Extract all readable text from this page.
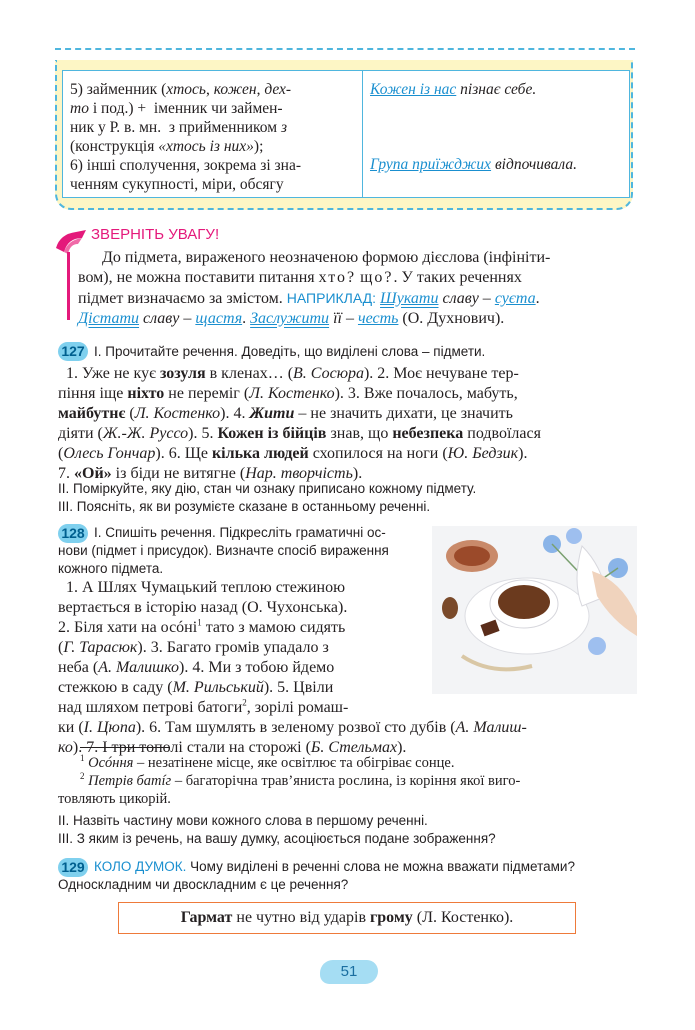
5) займенник (хтось, кожен, дех-
то і под.) +  іменник чи займен-
ник у Р. в. мн.  з прийменником з
(конструкція «хтось із них»);
6) інші сполучення, зокрема зі зна-
ченням сукупності, міри, обсягу
Кожен із нас пізнає себе.
Група приїжджих відпочивала.
ЗВЕРНІТЬ УВАГУ!
До підмета, вираженого неозначеною формою дієслова (інфініти-
вом), не можна поставити питання хто? що?. У таких реченнях
підмет визначаємо за змістом. НАПРИКЛАД: Шукати славу – суєта.
Дістати славу – щастя. Заслужити її – честь (О. Духнович).
127 I. Прочитайте речення. Доведіть, що виділені слова – підмети.
1. Уже не кує зозуля в кленах… (В. Сосюра). 2. Моє нечуване тер-
піння іще ніхто не переміг (Л. Костенко). 3. Вже почалось, мабуть,
майбутнє (Л. Костенко). 4. Жити – не значить дихати, це значить
діяти (Ж.-Ж. Руссо). 5. Кожен із бійців знав, що небезпека подвоїлася
(Олесь Гончар). 6. Ще кілька людей схопилося на ноги (Ю. Бедзик).
7. «Ой» із біди не витягне (Нар. творчість).
II. Поміркуйте, яку дію, стан чи ознаку приписано кожному підмету.
III. Поясніть, як ви розумієте сказане в останньому реченні.
128 I. Спишіть речення. Підкресліть граматичні ос-
нови (підмет і присудок). Визначте спосіб вираження
кожного підмета.
1. А Шлях Чумацький теплою стежиною
вертається в історію назад (О. Чухонська).
2. Біля хати на осóні$^1$ тато з мамою сидять
(Г. Тарасюк). 3. Багато громів упадало з
неба (А. Малишко). 4. Ми з тобою йдемо
стежкою в саду (М. Рильський). 5. Цвіли
над шляхом петрові батоги$^2$, зорілі ромаш-
ки (І. Цюпа). 6. Там шумлять в зеленому розвої сто дубів (А. Малиш-
ко). 7. І три тополі стали на сторожі (Б. Стельмах).
$^1$ Осóння – незатінене місце, яке освітлює та обігріває сонце.
$^2$ Петрів батíг – багаторічна трав’яниста рослина, із коріння якої виго-
товляють цикорій.
II. Назвіть частину мови кожного слова в першому реченні.
III. З яким із речень, на вашу думку, асоціюється подане зображення?
129 КОЛО ДУМОК. Чому виділені в реченні слова не можна вважати підметами?
Односкладним чи двоскладним є це речення?
Гармат не чутно від ударів грому (Л. Костенко).
51
